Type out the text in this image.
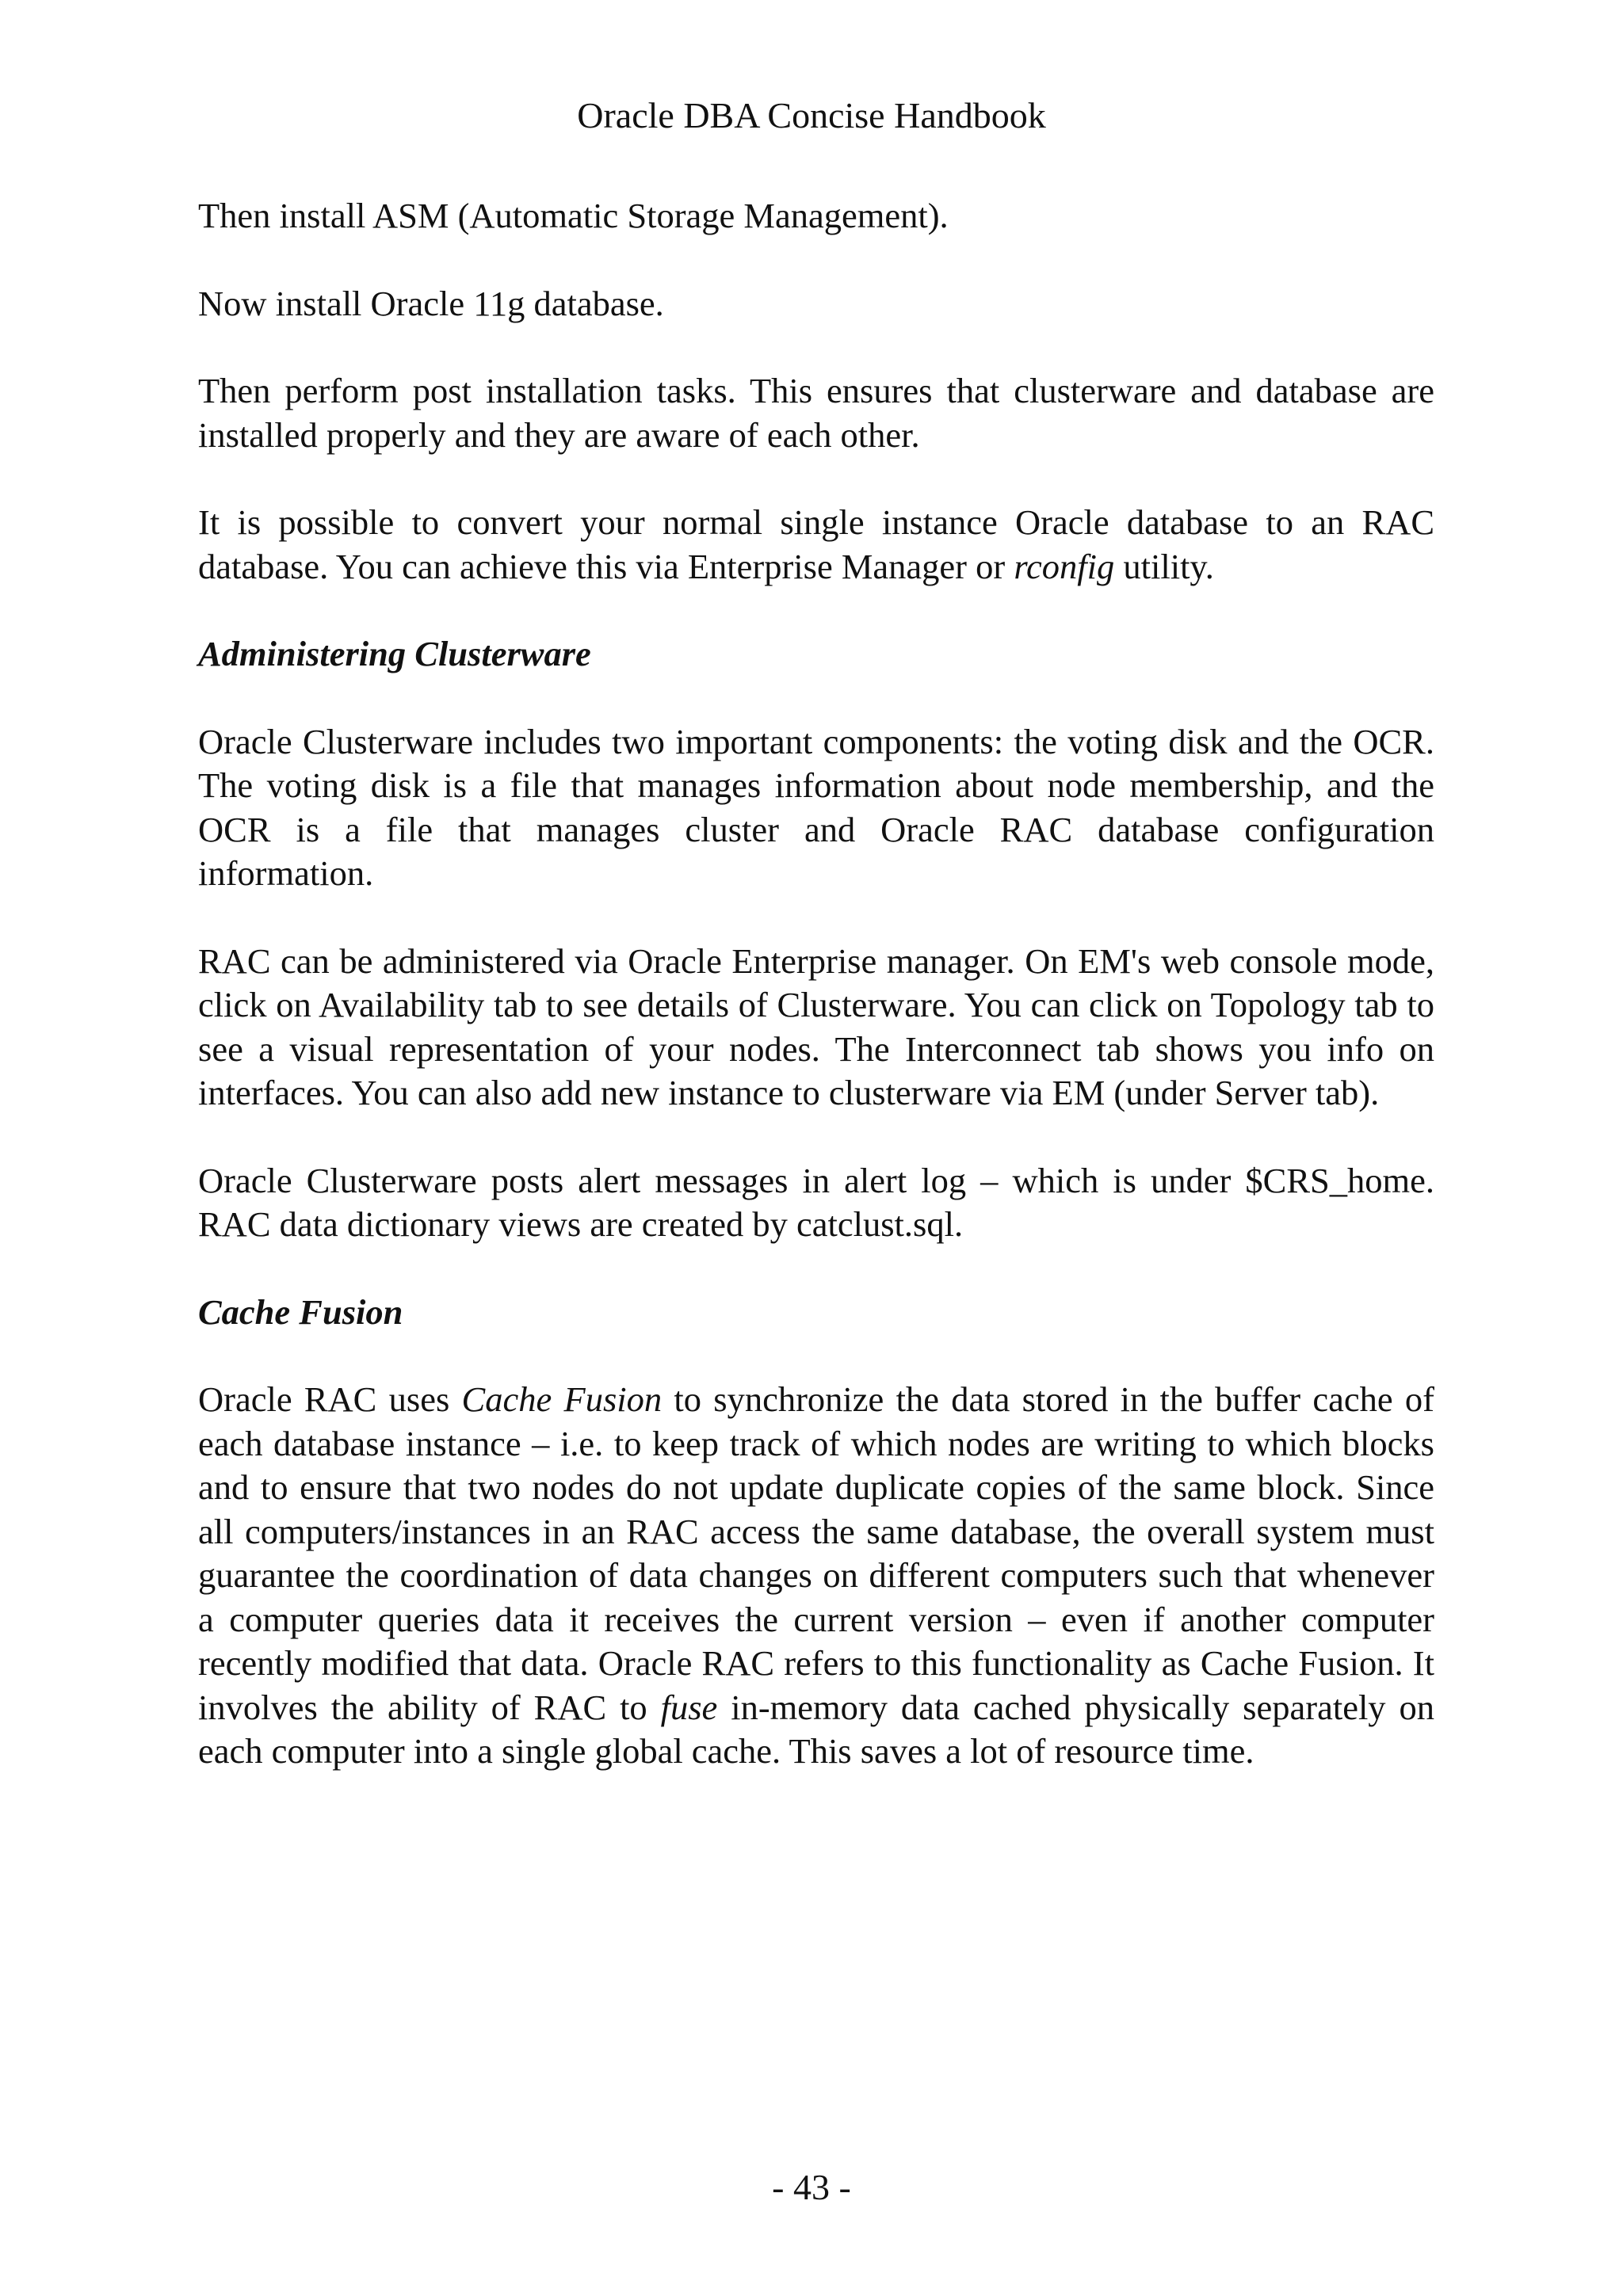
Oracle DBA Concise Handbook

Then install ASM (Automatic Storage Management).

Now install Oracle 11g database.

Then perform post installation tasks. This ensures that clusterware and database are installed properly and they are aware of each other.

It is possible to convert your normal single instance Oracle database to an RAC database. You can achieve this via Enterprise Manager or rconfig utility.

Administering Clusterware

Oracle Clusterware includes two important components: the voting disk and the OCR. The voting disk is a file that manages information about node membership, and the OCR is a file that manages cluster and Oracle RAC database configuration information.

RAC can be administered via Oracle Enterprise manager. On EM's web console mode, click on Availability tab to see details of Clusterware. You can click on Topology tab to see a visual representation of your nodes. The Interconnect tab shows you info on interfaces. You can also add new instance to clusterware via EM (under Server tab).

Oracle Clusterware posts alert messages in alert log – which is under $CRS_home. RAC data dictionary views are created by catclust.sql.

Cache Fusion

Oracle RAC uses Cache Fusion to synchronize the data stored in the buffer cache of each database instance – i.e. to keep track of which nodes are writing to which blocks and to ensure that two nodes do not update duplicate copies of the same block. Since all computers/instances in an RAC access the same database, the overall system must guarantee the coordination of data changes on different computers such that whenever a computer queries data it receives the current version – even if another computer recently modified that data. Oracle RAC refers to this functionality as Cache Fusion. It involves the ability of RAC to fuse in-memory data cached physically separately on each computer into a single global cache. This saves a lot of resource time.

- 43 -
